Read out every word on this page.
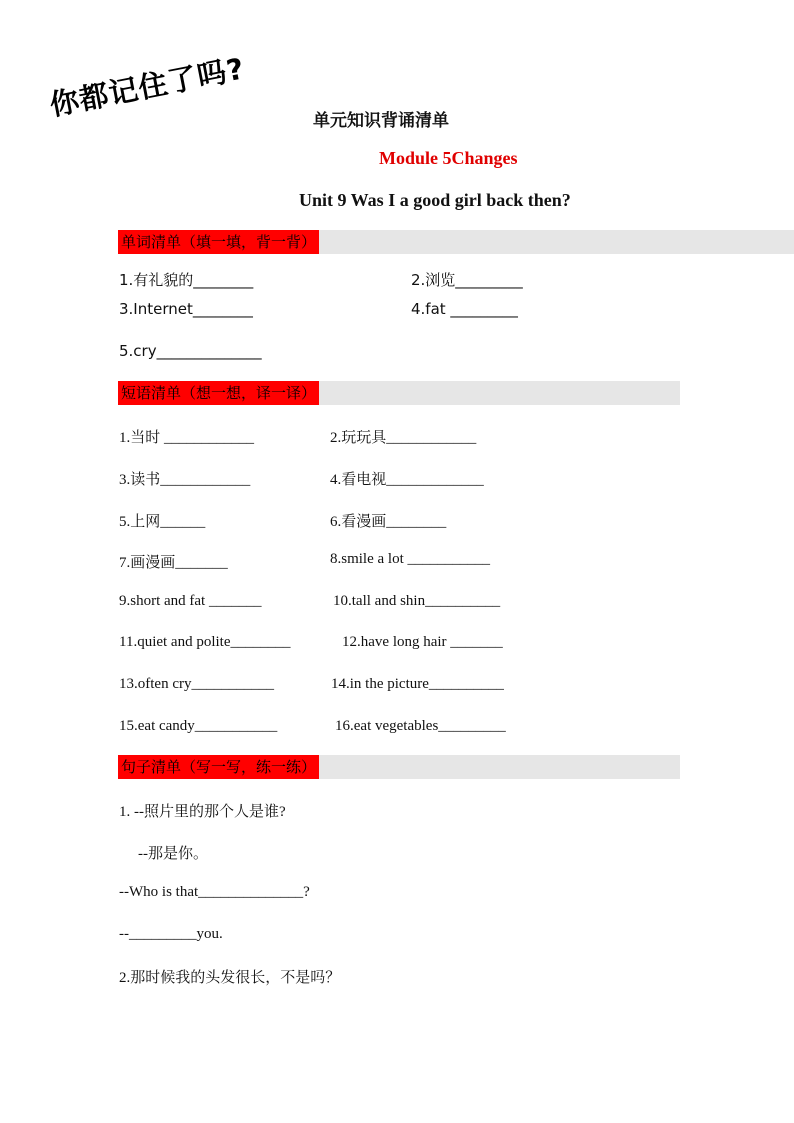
你都记住了吗?	单元知识背诵清单
Module 5Changes
Unit 9 Was I a good girl back then?
单词清单（填一填，背一背）
1.有礼貌的________	2.浏览_________
3.Internet________	4.fat _________
5.cry______________
短语清单（想一想，译一译）
1.当时 ____________	2.玩玩具____________
3.读书____________	4.看电视_____________
5.上网______	6.看漫画________
7.画漫画_______	8.smile a lot ___________
9.short and fat _______	10.tall and shin__________
11.quiet and polite________	12.have long hair _______
13.often cry___________	14.in the picture__________
15.eat candy___________	16.eat vegetables_________
句子清单（写一写，练一练）
1. --照片里的那个人是谁?
--那是你。
--Who is that______________?
--_________you.
2.那时候我的头发很长，不是吗？
